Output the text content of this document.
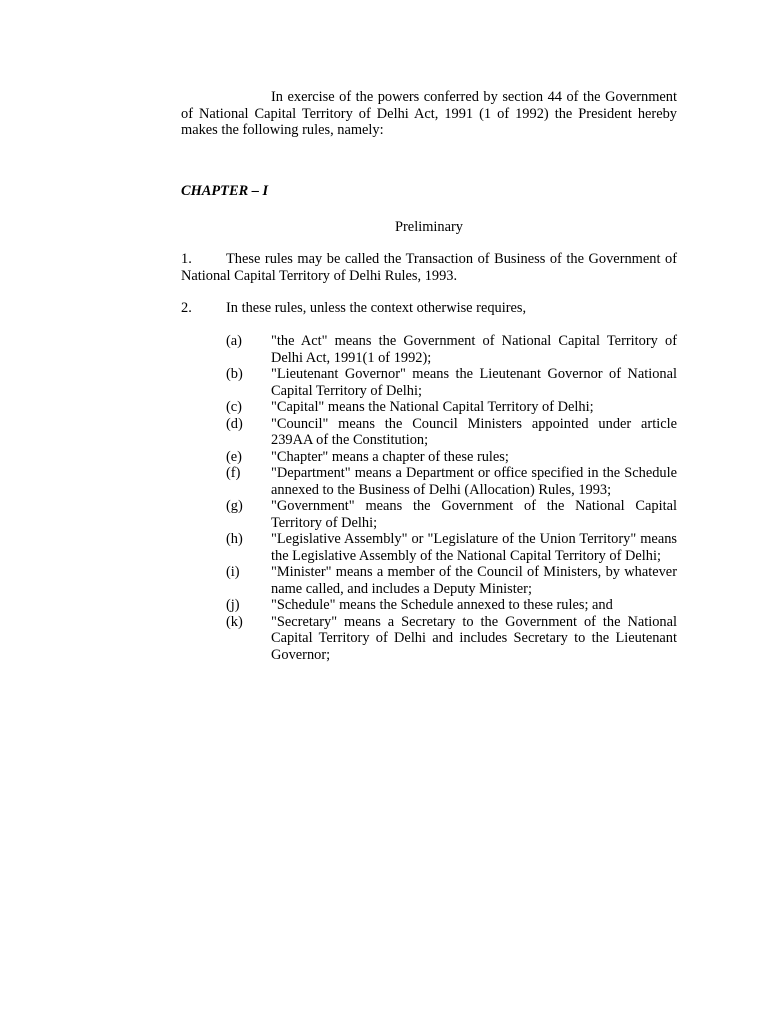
In exercise of the powers conferred by section 44 of the Government of National Capital Territory of Delhi Act, 1991 (1 of 1992) the President hereby makes the following rules, namely:
CHAPTER – I
Preliminary
1. These rules may be called the Transaction of Business of the Government of National Capital Territory of Delhi Rules, 1993.
2. In these rules, unless the context otherwise requires,
(a) "the Act" means the Government of National Capital Territory of Delhi Act, 1991(1 of 1992);
(b) "Lieutenant Governor" means the Lieutenant Governor of National Capital Territory of Delhi;
(c) "Capital" means the National Capital Territory of Delhi;
(d) "Council" means the Council Ministers appointed under article 239AA of the Constitution;
(e) "Chapter" means a chapter of these rules;
(f) "Department" means a Department or office specified in the Schedule annexed to the Business of Delhi (Allocation) Rules, 1993;
(g) "Government" means the Government of the National Capital Territory of Delhi;
(h) "Legislative Assembly" or "Legislature of the Union Territory" means the Legislative Assembly of the National Capital Territory of Delhi;
(i) "Minister" means a member of the Council of Ministers, by whatever name called, and includes a Deputy Minister;
(j) "Schedule" means the Schedule annexed to these rules; and
(k) "Secretary" means a Secretary to the Government of the National Capital Territory of Delhi and includes Secretary to the Lieutenant Governor;
